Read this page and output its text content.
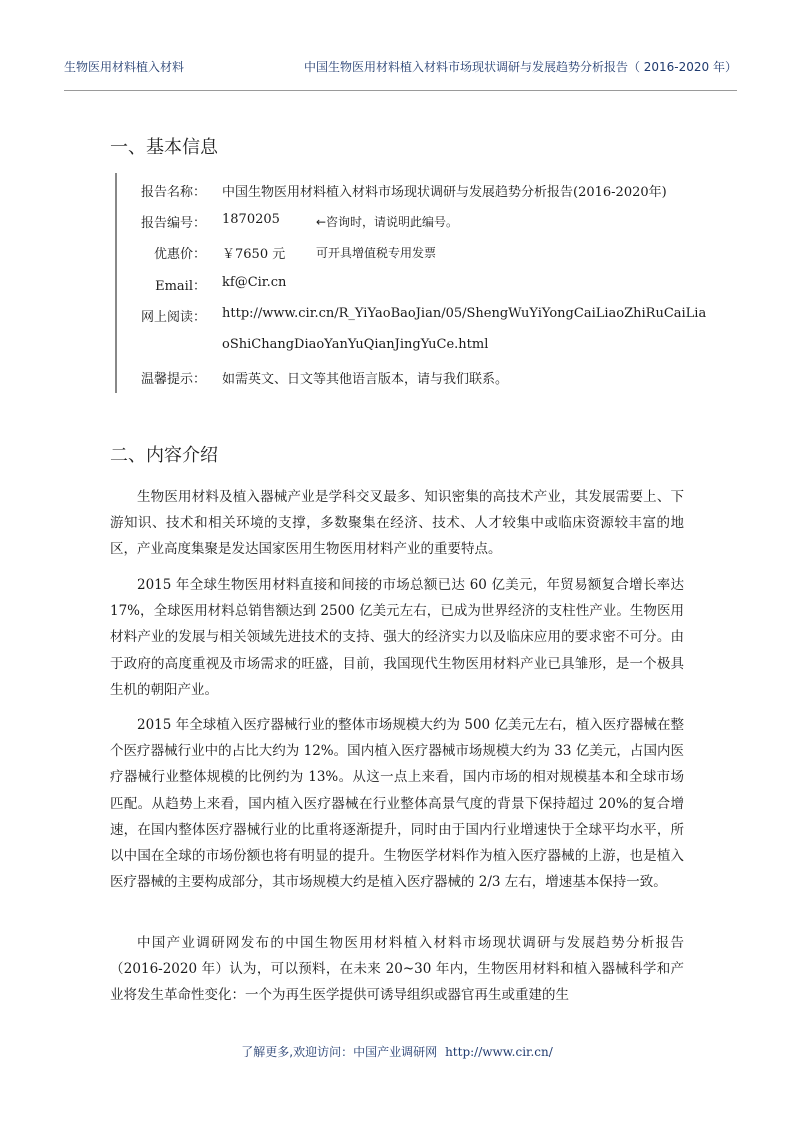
生物医用材料植入材料	中国生物医用材料植入材料市场现状调研与发展趋势分析报告（ 2016-2020 年）
一、基本信息
报告名称： 中国生物医用材料植入材料市场现状调研与发展趋势分析报告(2016-2020年)
报告编号： 1870205	←咨询时，请说明此编号。
优惠价： ￥7650 元	可开具增值税专用发票
Email： kf@Cir.cn
网上阅读： http://www.cir.cn/R_YiYaoBaoJian/05/ShengWuYiYongCaiLiaoZhiRuCaiLia
oShiChangDiaoYanYuQianJingYuCe.html
温馨提示： 如需英文、日文等其他语言版本，请与我们联系。
二、内容介绍

生物医用材料及植入器械产业是学科交叉最多、知识密集的高技术产业，其发展需要上、下游知识、技术和相关环境的支撑，多数聚集在经济、技术、人才较集中或临床资源较丰富的地区，产业高度集聚是发达国家医用生物医用材料产业的重要特点。

2015 年全球生物医用材料直接和间接的市场总额已达 60 亿美元，年贸易额复合增长率达 17%，全球医用材料总销售额达到 2500 亿美元左右，已成为世界经济的支柱性产业。生物医用材料产业的发展与相关领域先进技术的支持、强大的经济实力以及临床应用的要求密不可分。由于政府的高度重视及市场需求的旺盛，目前，我国现代生物医用材料产业已具雏形，是一个极具生机的朝阳产业。

2015 年全球植入医疗器械行业的整体市场规模大约为 500 亿美元左右，植入医疗器械在整个医疗器械行业中的占比大约为 12%。国内植入医疗器械市场规模大约为 33 亿美元，占国内医疗器械行业整体规模的比例约为 13%。从这一点上来看，国内市场的相对规模基本和全球市场匹配。从趋势上来看，国内植入医疗器械在行业整体高景气度的背景下保持超过 20%的复合增速，在国内整体医疗器械行业的比重将逐渐提升，同时由于国内行业增速快于全球平均水平，所以中国在全球的市场份额也将有明显的提升。生物医学材料作为植入医疗器械的上游，也是植入医疗器械的主要构成部分，其市场规模大约是植入医疗器械的 2/3 左右，增速基本保持一致。

中国产业调研网发布的中国生物医用材料植入材料市场现状调研与发展趋势分析报告（2016-2020 年）认为，可以预料，在未来 20~30 年内，生物医用材料和植入器械科学和产业将发生革命性变化：一个为再生医学提供可诱导组织或器官再生或重建的生

了解更多,欢迎访问：中国产业调研网 http://www.cir.cn/
